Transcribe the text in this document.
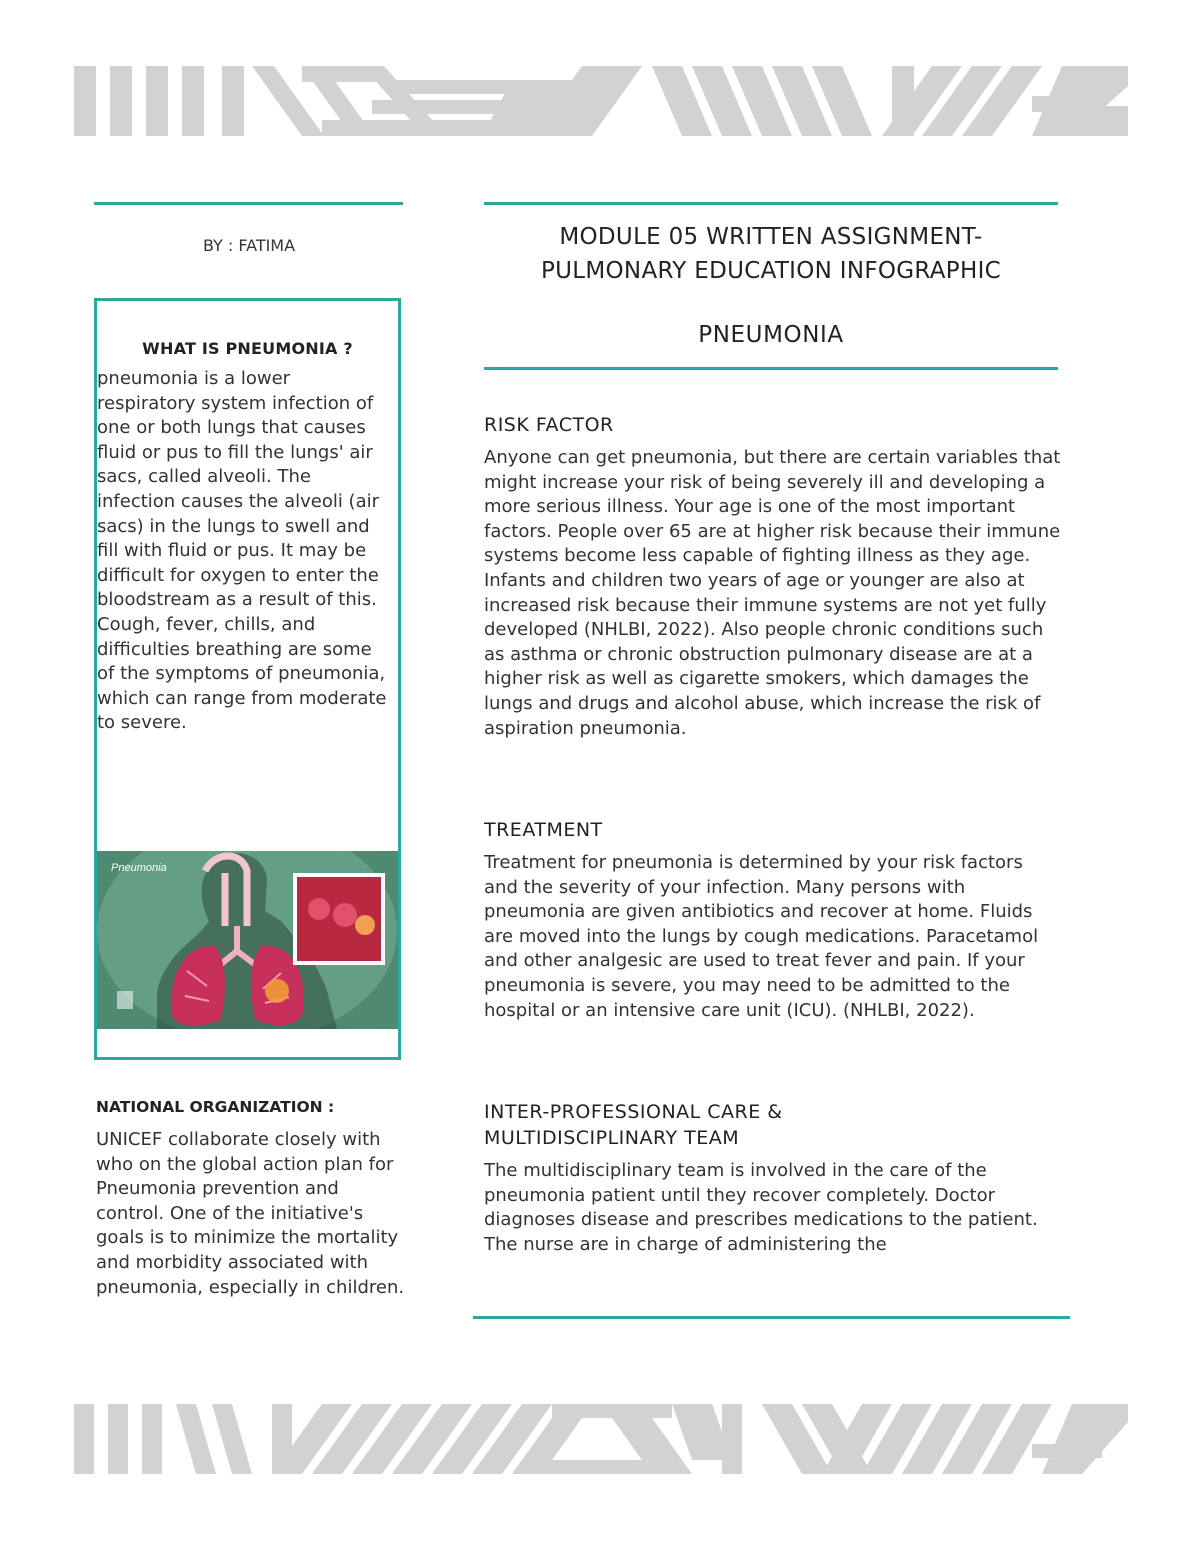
BY : FATIMA
WHAT IS PNEUMONIA ?
pneumonia is a lower respiratory system infection of one or both lungs that causes fluid or pus to fill the lungs' air sacs, called alveoli. The infection causes the alveoli (air sacs) in the lungs to swell and fill with fluid or pus. It may be difficult for oxygen to enter the bloodstream as a result of this. Cough, fever, chills, and difficulties breathing are some of the symptoms of pneumonia, which can range from moderate to severe.
Pneumonia
NATIONAL ORGANIZATION :

UNICEF collaborate closely with who on the global action plan for Pneumonia prevention and control. One of the initiative's goals is to minimize the mortality and morbidity associated with pneumonia, especially in children.

MODULE 05 WRITTEN ASSIGNMENT-
PULMONARY EDUCATION INFOGRAPHIC
PNEUMONIA
RISK FACTOR

Anyone can get pneumonia, but there are certain variables that might increase your risk of being severely ill and developing a more serious illness. Your age is one of the most important factors. People over 65 are at higher risk because their immune systems become less capable of fighting illness as they age. Infants and children two years of age or younger are also at increased risk because their immune systems are not yet fully developed (NHLBI, 2022). Also people chronic conditions such as asthma or chronic obstruction pulmonary disease are at a higher risk as well as cigarette smokers, which damages the lungs and drugs and alcohol abuse, which increase the risk of aspiration pneumonia.

TREATMENT

Treatment for pneumonia is determined by your risk factors and the severity of your infection. Many persons with pneumonia are given antibiotics and recover at home. Fluids are moved into the lungs by cough medications. Paracetamol and other analgesic are used to treat fever and pain. If your pneumonia is severe, you may need to be admitted to the hospital or an intensive care unit (ICU). (NHLBI, 2022).

INTER-PROFESSIONAL CARE &
MULTIDISCIPLINARY TEAM

The multidisciplinary team is involved in the care of the pneumonia patient until they recover completely. Doctor diagnoses disease and prescribes medications to the patient. The nurse are in charge of administering the
